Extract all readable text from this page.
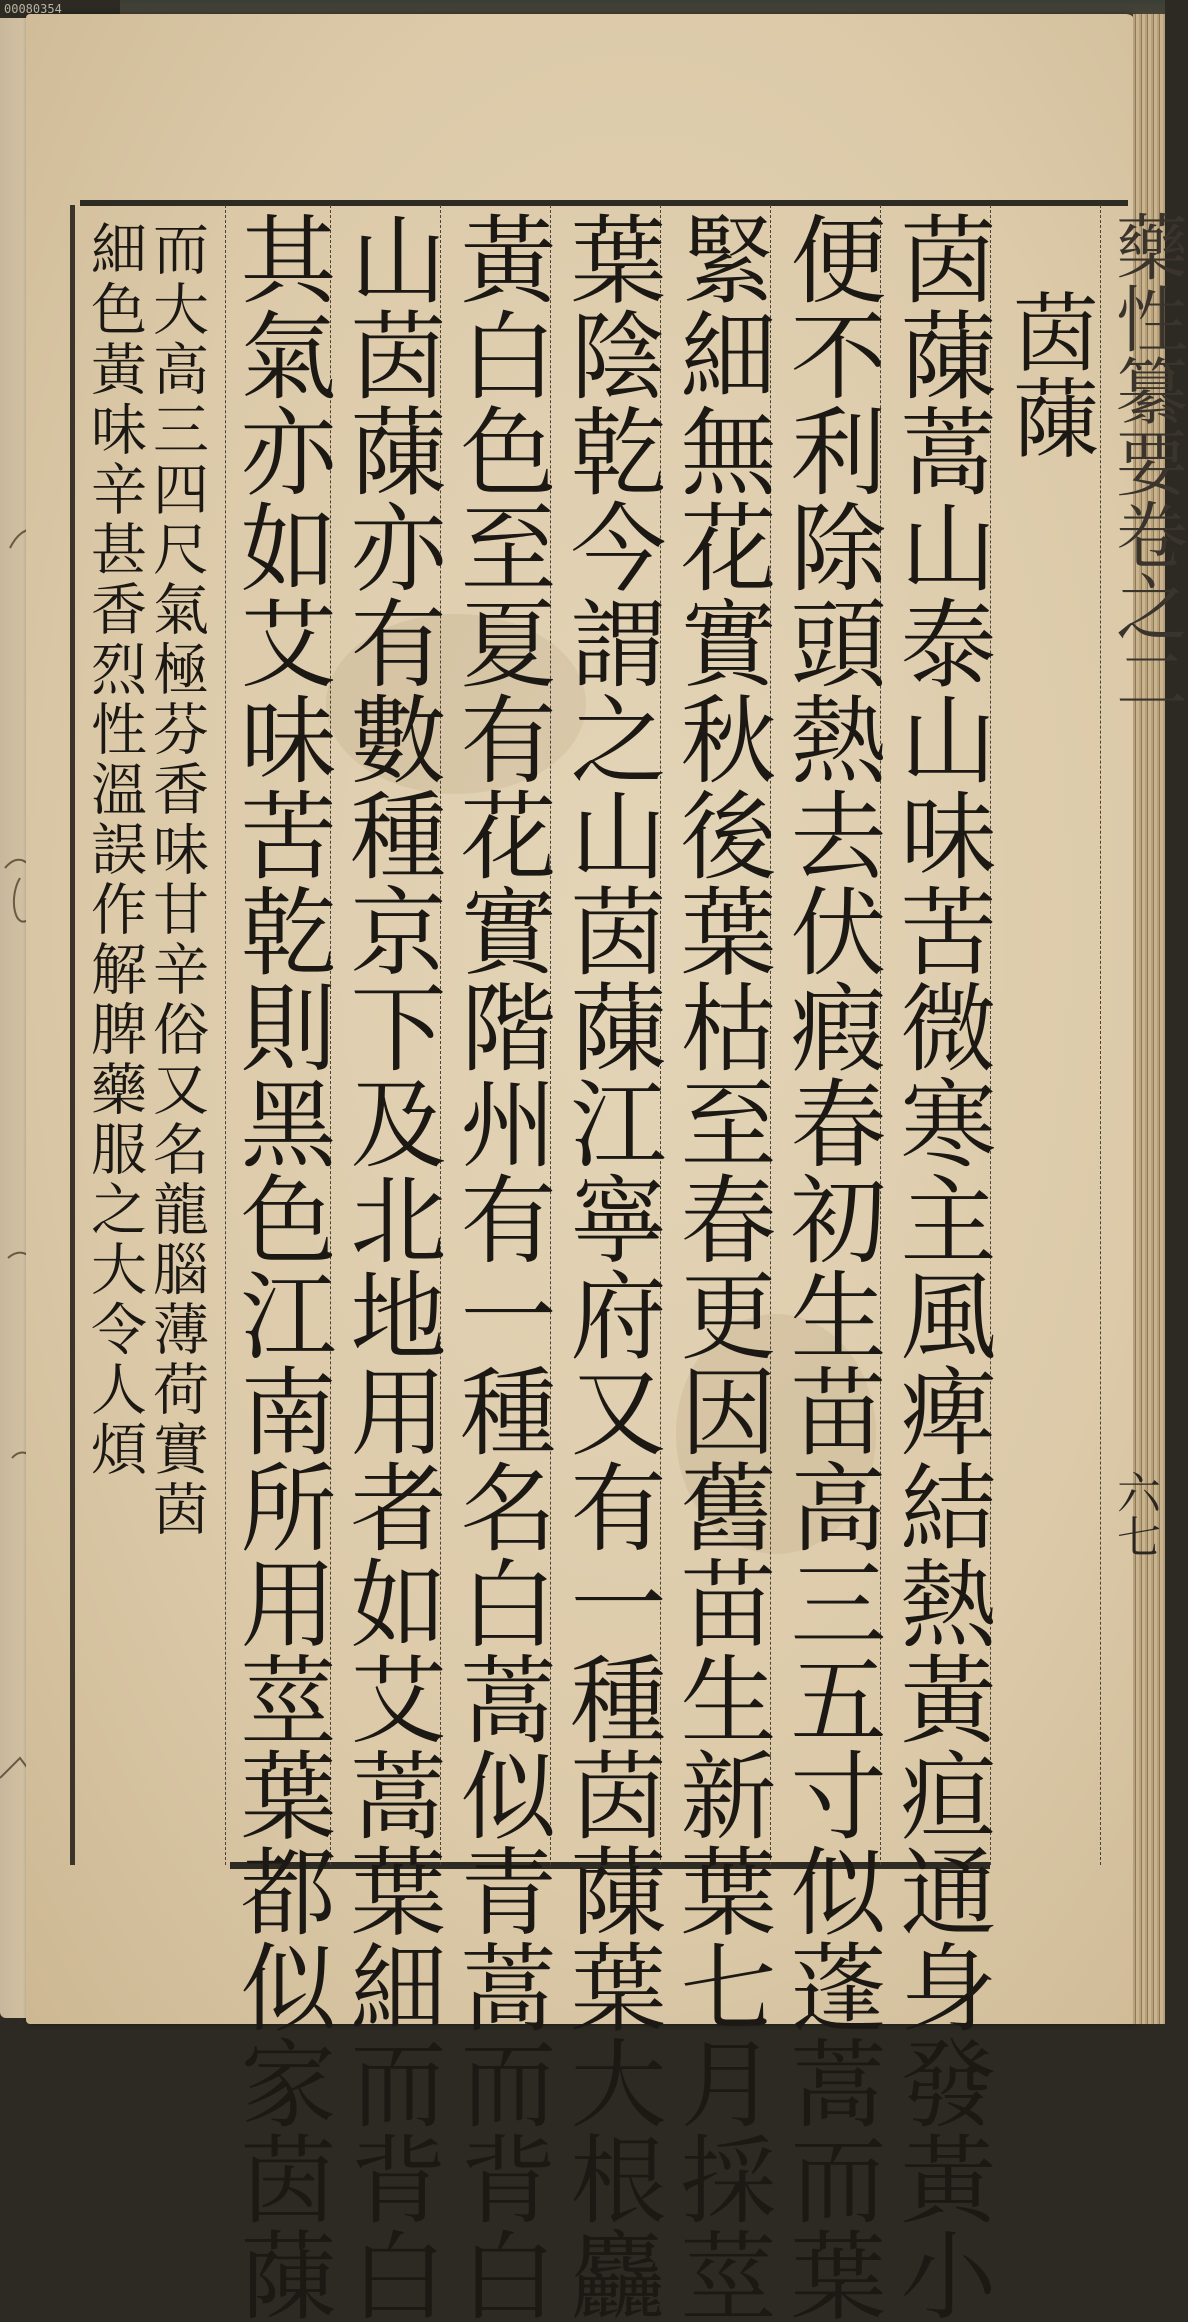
00080354
藥性纂要卷之二
六七
茵蔯
茵蔯蒿山泰山味苦微寒主風痺結熱黃疸通身發黃小
便不利除頭熱去伏瘕春初生苗高三五寸似蓬蒿而葉
緊細無花實秋後葉枯至春更因舊苗生新葉七月採莖
葉陰乾今謂之山茵蔯江寧府又有一種茵蔯葉大根麤
黃白色至夏有花實階州有一種名白蒿似青蒿而背白
山茵蔯亦有數種京下及北地用者如艾蒿葉細而背白
其氣亦如艾味苦乾則黑色江南所用莖葉都似家茵蔯
而大高三四尺氣極芬香味甘辛俗又名龍腦薄荷實茵
細色黃味辛甚香烈性溫誤作解脾藥服之大令人煩
